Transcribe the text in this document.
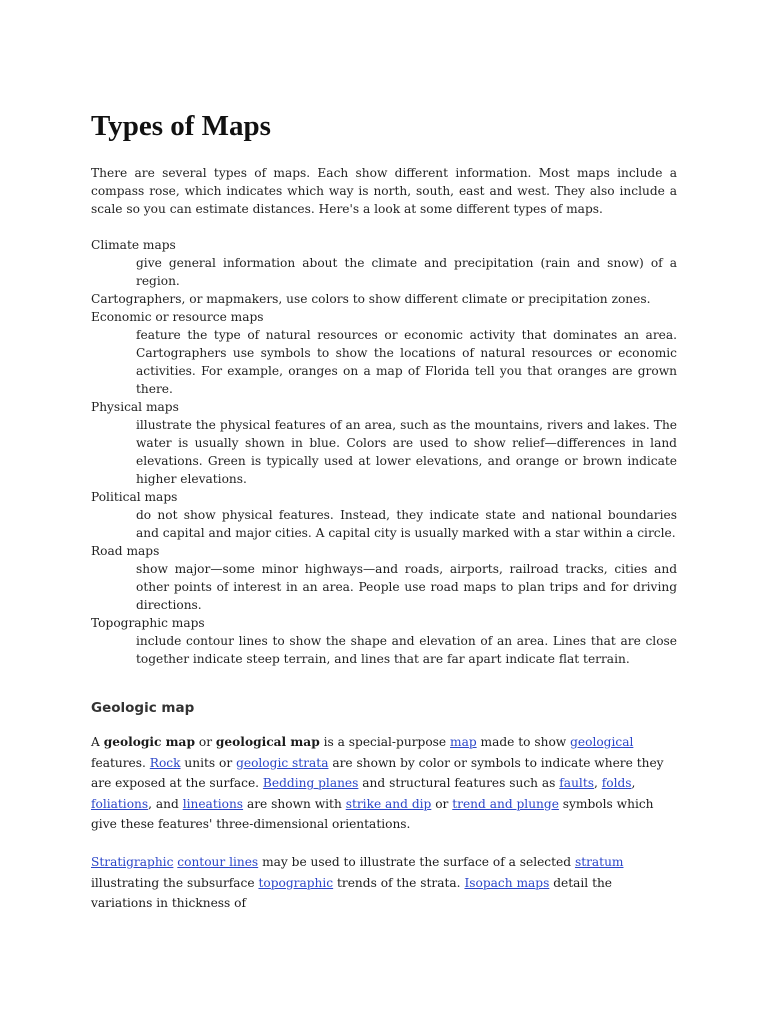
Types of Maps

There are several types of maps. Each show different information. Most maps include a compass rose, which indicates which way is north, south, east and west. They also include a scale so you can estimate distances. Here's a look at some different types of maps.

Climate maps

give general information about the climate and precipitation (rain and snow) of a region.

Cartographers, or mapmakers, use colors to show different climate or precipitation zones.

Economic or resource maps

feature the type of natural resources or economic activity that dominates an area. Cartographers use symbols to show the locations of natural resources or economic activities. For example, oranges on a map of Florida tell you that oranges are grown there.

Physical maps

illustrate the physical features of an area, such as the mountains, rivers and lakes. The water is usually shown in blue. Colors are used to show relief—differences in land elevations. Green is typically used at lower elevations, and orange or brown indicate higher elevations.

Political maps

do not show physical features. Instead, they indicate state and national boundaries and capital and major cities. A capital city is usually marked with a star within a circle.

Road maps

show major—some minor highways—and roads, airports, railroad tracks, cities and other points of interest in an area. People use road maps to plan trips and for driving directions.

Topographic maps

include contour lines to show the shape and elevation of an area. Lines that are close together indicate steep terrain, and lines that are far apart indicate flat terrain.

Geologic map

A geologic map or geological map is a special-purpose map made to show geological features. Rock units or geologic strata are shown by color or symbols to indicate where they are exposed at the surface. Bedding planes and structural features such as faults, folds, foliations, and lineations are shown with strike and dip or trend and plunge symbols which give these features' three-dimensional orientations.

Stratigraphic contour lines may be used to illustrate the surface of a selected stratum illustrating the subsurface topographic trends of the strata. Isopach maps detail the variations in thickness of
